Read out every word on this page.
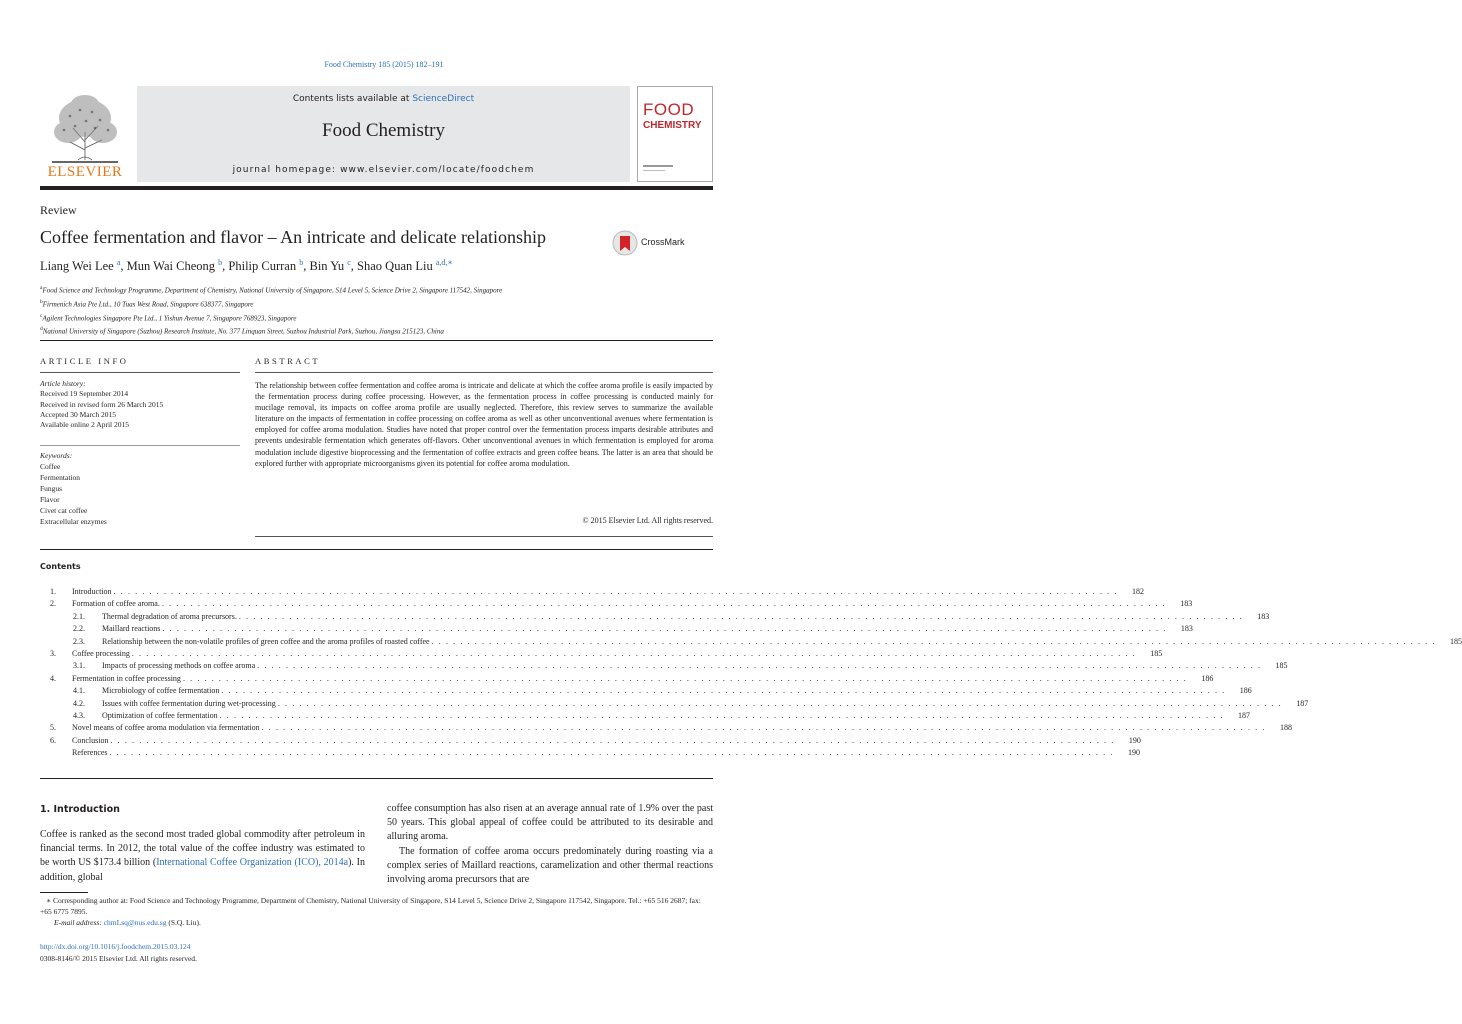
Food Chemistry 185 (2015) 182–191
ELSEVIER
Contents lists available at ScienceDirect
Food Chemistry
journal homepage: www.elsevier.com/locate/foodchem
FOOD
CHEMISTRY
Review
Coffee fermentation and flavor – An intricate and delicate relationship	CrossMark
Liang Wei Lee $^a$, Mun Wai Cheong $^b$, Philip Curran $^b$, Bin Yu $^c$, Shao Quan Liu $^{a,d,∗}$
$^a$Food Science and Technology Programme, Department of Chemistry, National University of Singapore, S14 Level 5, Science Drive 2, Singapore 117542, Singapore
$^b$Firmenich Asia Pte Ltd., 10 Tuas West Road, Singapore 638377, Singapore
$^c$Agilent Technologies Singapore Pte Ltd., 1 Yishun Avenue 7, Singapore 768923, Singapore
$^d$National University of Singapore (Suzhou) Research Institute, No. 377 Linquan Street, Suzhou Industrial Park, Suzhou, Jiangsu 215123, China
ARTICLE INFO	ABSTRACT
Article history:
Received 19 September 2014
Received in revised form 26 March 2015
Accepted 30 March 2015
Available online 2 April 2015
Keywords:
Coffee
Fermentation
Fungus
Flavor
Civet cat coffee
Extracellular enzymes
The relationship between coffee fermentation and coffee aroma is intricate and delicate at which the coffee aroma profile is easily impacted by the fermentation process during coffee processing. However, as the fermentation process in coffee processing is conducted mainly for mucilage removal, its impacts on coffee aroma profile are usually neglected. Therefore, this review serves to summarize the available literature on the impacts of fermentation in coffee processing on coffee aroma as well as other unconventional avenues where fermentation is employed for coffee aroma modulation. Studies have noted that proper control over the fermentation process imparts desirable attributes and prevents undesirable fermentation which generates off-flavors. Other unconventional avenues in which fermentation is employed for aroma modulation include digestive bioprocessing and the fermentation of coffee extracts and green coffee beans. The latter is an area that should be explored further with appropriate microorganisms given its potential for coffee aroma modulation.
© 2015 Elsevier Ltd. All rights reserved.
Contents
1.	Introduction . . . . . . . . . . . . . . . . . . . . . . . . . . . . . . . . . . . . . . . . . . . . . . . . . . . . . . . . . . . . . . . . . . . . . . . . . . . . . . . . . . . . . . . . . . . . . . . . . . . . . . . . . . . . . . . . . . . . . . . . . . . . . . . . . . . . . . . . . . . .	182
2.	Formation of coffee aroma. . . . . . . . . . . . . . . . . . . . . . . . . . . . . . . . . . . . . . . . . . . . . . . . . . . . . . . . . . . . . . . . . . . . . . . . . . . . . . . . . . . . . . . . . . . . . . . . . . . . . . . . . . . . . . . . . . . . . . . . . . . . . . . . . . . . . . . . . . . . .	183
2.1.	Thermal degradation of aroma precursors. . . . . . . . . . . . . . . . . . . . . . . . . . . . . . . . . . . . . . . . . . . . . . . . . . . . . . . . . . . . . . . . . . . . . . . . . . . . . . . . . . . . . . . . . . . . . . . . . . . . . . . . . . . . . . . . . . . . . . . . . . . . . . . . . . . . . . . . . . . . .	183
2.2.	Maillard reactions . . . . . . . . . . . . . . . . . . . . . . . . . . . . . . . . . . . . . . . . . . . . . . . . . . . . . . . . . . . . . . . . . . . . . . . . . . . . . . . . . . . . . . . . . . . . . . . . . . . . . . . . . . . . . . . . . . . . . . . . . . . . . . . . . . . . . . . . . . . .	183
2.3.	Relationship between the non-volatile profiles of green coffee and the aroma profiles of roasted coffee . . . . . . . . . . . . . . . . . . . . . . . . . . . . . . . . . . . . . . . . . . . . . . . . . . . . . . . . . . . . . . . . . . . . . . . . . . . . . . . . . . . . . . . . . . . . . . . . . . . . . . . . . . . . . . . . . . . . . . . . . . . . . . . . . . . . . . . . . . . .	185
3.	Coffee processing . . . . . . . . . . . . . . . . . . . . . . . . . . . . . . . . . . . . . . . . . . . . . . . . . . . . . . . . . . . . . . . . . . . . . . . . . . . . . . . . . . . . . . . . . . . . . . . . . . . . . . . . . . . . . . . . . . . . . . . . . . . . . . . . . . . . . . . . . . . .	185
3.1.	Impacts of processing methods on coffee aroma . . . . . . . . . . . . . . . . . . . . . . . . . . . . . . . . . . . . . . . . . . . . . . . . . . . . . . . . . . . . . . . . . . . . . . . . . . . . . . . . . . . . . . . . . . . . . . . . . . . . . . . . . . . . . . . . . . . . . . . . . . . . . . . . . . . . . . . . . . . .	185
4.	Fermentation in coffee processing . . . . . . . . . . . . . . . . . . . . . . . . . . . . . . . . . . . . . . . . . . . . . . . . . . . . . . . . . . . . . . . . . . . . . . . . . . . . . . . . . . . . . . . . . . . . . . . . . . . . . . . . . . . . . . . . . . . . . . . . . . . . . . . . . . . . . . . . . . . .	186
4.1.	Microbiology of coffee fermentation . . . . . . . . . . . . . . . . . . . . . . . . . . . . . . . . . . . . . . . . . . . . . . . . . . . . . . . . . . . . . . . . . . . . . . . . . . . . . . . . . . . . . . . . . . . . . . . . . . . . . . . . . . . . . . . . . . . . . . . . . . . . . . . . . . . . . . . . . . . .	186
4.2.	Issues with coffee fermentation during wet-processing . . . . . . . . . . . . . . . . . . . . . . . . . . . . . . . . . . . . . . . . . . . . . . . . . . . . . . . . . . . . . . . . . . . . . . . . . . . . . . . . . . . . . . . . . . . . . . . . . . . . . . . . . . . . . . . . . . . . . . . . . . . . . . . . . . . . . . . . . . . .	187
4.3.	Optimization of coffee fermentation . . . . . . . . . . . . . . . . . . . . . . . . . . . . . . . . . . . . . . . . . . . . . . . . . . . . . . . . . . . . . . . . . . . . . . . . . . . . . . . . . . . . . . . . . . . . . . . . . . . . . . . . . . . . . . . . . . . . . . . . . . . . . . . . . . . . . . . . . . . .	187
5.	Novel means of coffee aroma modulation via fermentation . . . . . . . . . . . . . . . . . . . . . . . . . . . . . . . . . . . . . . . . . . . . . . . . . . . . . . . . . . . . . . . . . . . . . . . . . . . . . . . . . . . . . . . . . . . . . . . . . . . . . . . . . . . . . . . . . . . . . . . . . . . . . . . . . . . . . . . . . . . .	188
6.	Conclusion . . . . . . . . . . . . . . . . . . . . . . . . . . . . . . . . . . . . . . . . . . . . . . . . . . . . . . . . . . . . . . . . . . . . . . . . . . . . . . . . . . . . . . . . . . . . . . . . . . . . . . . . . . . . . . . . . . . . . . . . . . . . . . . . . . . . . . . . . . . .	190
References . . . . . . . . . . . . . . . . . . . . . . . . . . . . . . . . . . . . . . . . . . . . . . . . . . . . . . . . . . . . . . . . . . . . . . . . . . . . . . . . . . . . . . . . . . . . . . . . . . . . . . . . . . . . . . . . . . . . . . . . . . . . . . . . . . . . . . . . . . . .	190
1. Introduction
Coffee is ranked as the second most traded global commodity after petroleum in financial terms. In 2012, the total value of the coffee industry was estimated to be worth US $173.4 billion (International Coffee Organization (ICO), 2014a). In addition, global
coffee consumption has also risen at an average annual rate of 1.9% over the past 50 years. This global appeal of coffee could be attributed to its desirable and alluring aroma.
The formation of coffee aroma occurs predominately during roasting via a complex series of Maillard reactions, caramelization and other thermal reactions involving aroma precursors that are
∗ Corresponding author at: Food Science and Technology Programme, Department of Chemistry, National University of Singapore, S14 Level 5, Science Drive 2, Singapore 117542, Singapore. Tel.: +65 516 2687; fax: +65 6775 7895.
E-mail address: chmLsq@nus.edu.sg (S.Q. Liu).
http://dx.doi.org/10.1016/j.foodchem.2015.03.124
0308-8146/© 2015 Elsevier Ltd. All rights reserved.
